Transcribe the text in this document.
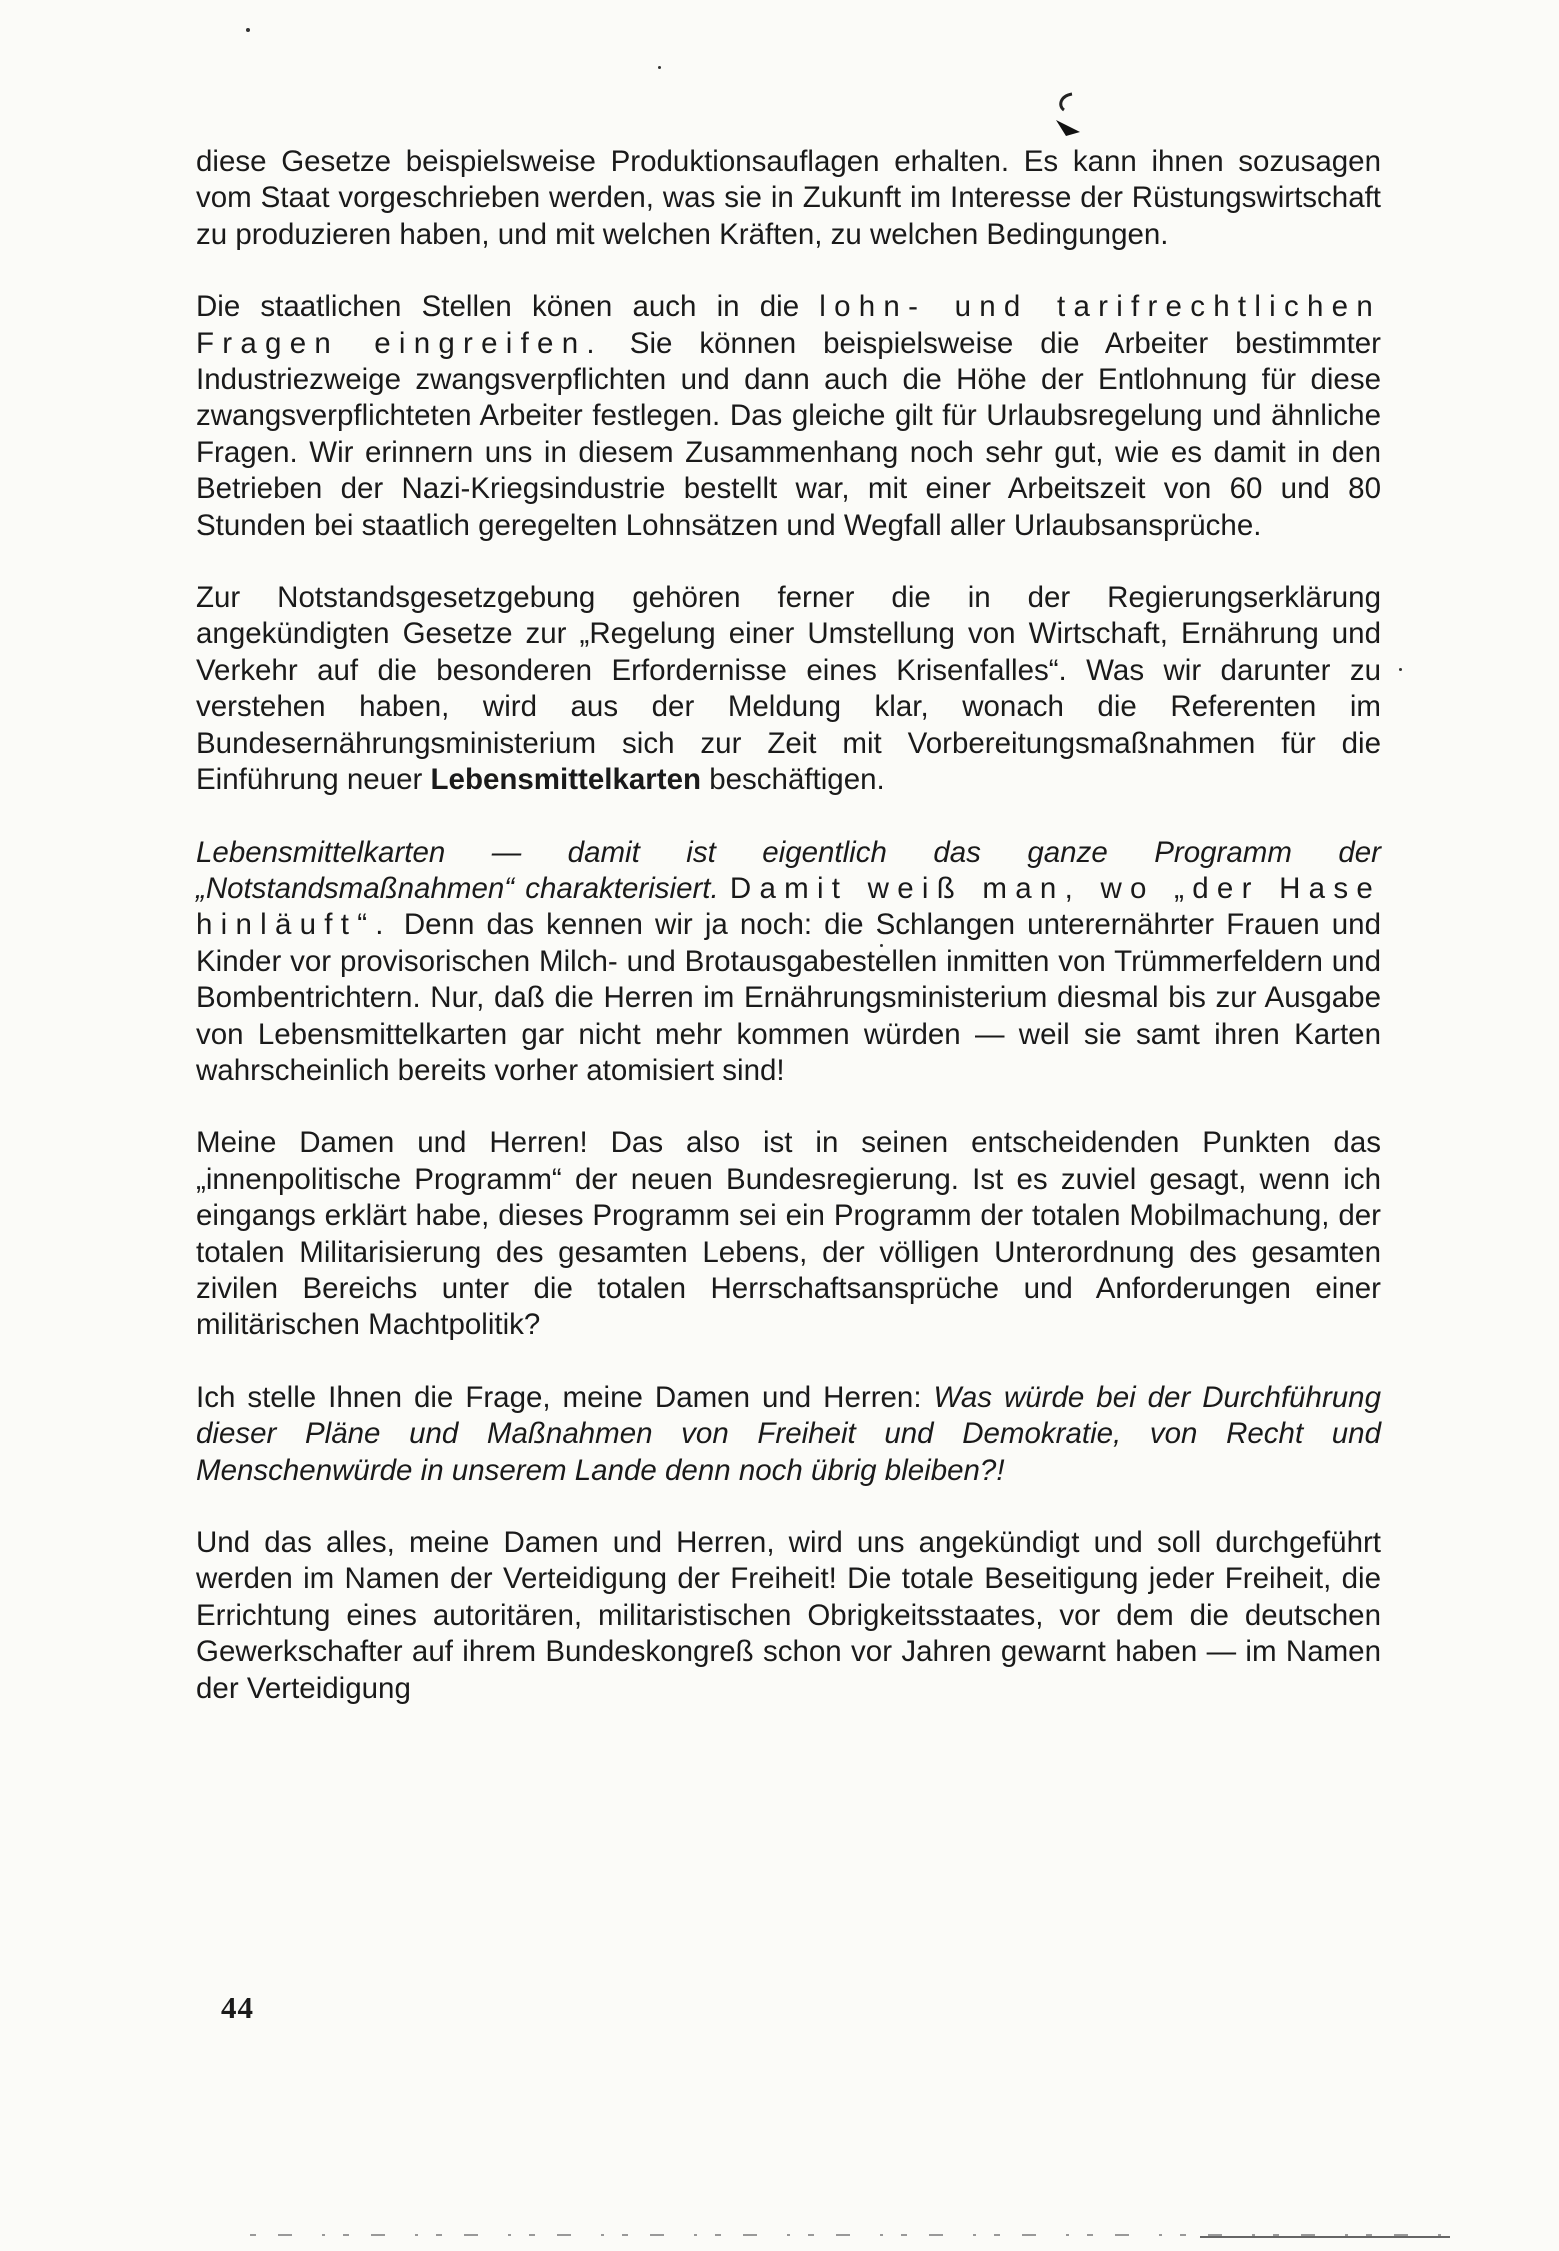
diese Gesetze beispielsweise Produktionsauflagen erhalten. Es kann ihnen sozusagen vom Staat vorgeschrieben werden, was sie in Zukunft im Interesse der Rüstungswirtschaft zu produzieren haben, und mit welchen Kräften, zu welchen Bedingungen.

Die staatlichen Stellen könen auch in die lohn- und tarifrechtlichen Fragen eingreifen. Sie können beispielsweise die Arbeiter bestimmter Industriezweige zwangsverpflichten und dann auch die Höhe der Entlohnung für diese zwangsverpflichteten Arbeiter festlegen. Das gleiche gilt für Urlaubsregelung und ähnliche Fragen. Wir erinnern uns in diesem Zusammenhang noch sehr gut, wie es damit in den Betrieben der Nazi-Kriegsindustrie bestellt war, mit einer Arbeitszeit von 60 und 80 Stunden bei staatlich geregelten Lohnsätzen und Wegfall aller Urlaubsansprüche.

Zur Notstandsgesetzgebung gehören ferner die in der Regierungserklärung angekündigten Gesetze zur „Regelung einer Umstellung von Wirtschaft, Ernährung und Verkehr auf die besonderen Erfordernisse eines Krisenfalles“. Was wir darunter zu verstehen haben, wird aus der Meldung klar, wonach die Referenten im Bundesernährungsministerium sich zur Zeit mit Vorbereitungsmaßnahmen für die Einführung neuer Lebensmittelkarten beschäftigen.

Lebensmittelkarten — damit ist eigentlich das ganze Programm der „Notstandsmaßnahmen“ charakterisiert. Damit weiß man, wo „der Hase hinläuft“. Denn das kennen wir ja noch: die Schlangen unterernährter Frauen und Kinder vor provisorischen Milch- und Brotausgabestellen inmitten von Trümmerfeldern und Bombentrichtern. Nur, daß die Herren im Ernährungsministerium diesmal bis zur Ausgabe von Lebensmittelkarten gar nicht mehr kommen würden — weil sie samt ihren Karten wahrscheinlich bereits vorher atomisiert sind!

Meine Damen und Herren! Das also ist in seinen entscheidenden Punkten das „innenpolitische Programm“ der neuen Bundesregierung. Ist es zuviel gesagt, wenn ich eingangs erklärt habe, dieses Programm sei ein Programm der totalen Mobilmachung, der totalen Militarisierung des gesamten Lebens, der völligen Unterordnung des gesamten zivilen Bereichs unter die totalen Herrschaftsansprüche und Anforderungen einer militärischen Machtpolitik?

Ich stelle Ihnen die Frage, meine Damen und Herren: Was würde bei der Durchführung dieser Pläne und Maßnahmen von Freiheit und Demokratie, von Recht und Menschenwürde in unserem Lande denn noch übrig bleiben?!

Und das alles, meine Damen und Herren, wird uns angekündigt und soll durchgeführt werden im Namen der Verteidigung der Freiheit! Die totale Beseitigung jeder Freiheit, die Errichtung eines autoritären, militaristischen Obrigkeitsstaates, vor dem die deutschen Gewerkschafter auf ihrem Bundeskongreß schon vor Jahren gewarnt haben — im Namen der Verteidigung

44
